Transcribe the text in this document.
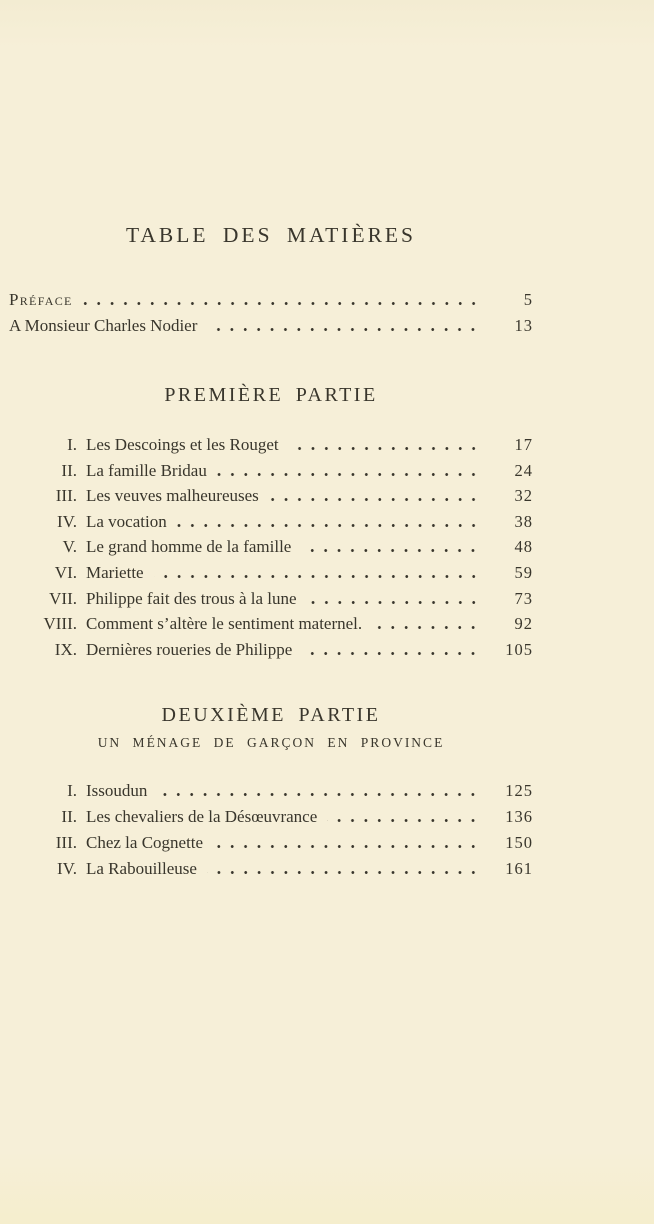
TABLE DES MATIÈRES
Préface	5
A Monsieur Charles Nodier	13
PREMIÈRE PARTIE
I. Les Descoings et les Rouget	17
II. La famille Bridau	24
III. Les veuves malheureuses	32
IV. La vocation	38
V. Le grand homme de la famille	48
VI. Mariette	59
VII. Philippe fait des trous à la lune	73
VIII. Comment s’altère le sentiment maternel.	92
IX. Dernières roueries de Philippe	105
DEUXIÈME PARTIE
UN MÉNAGE DE GARÇON EN PROVINCE
I. Issoudun	125
II. Les chevaliers de la Désœuvrance	136
III. Chez la Cognette	150
IV. La Rabouilleuse	161
